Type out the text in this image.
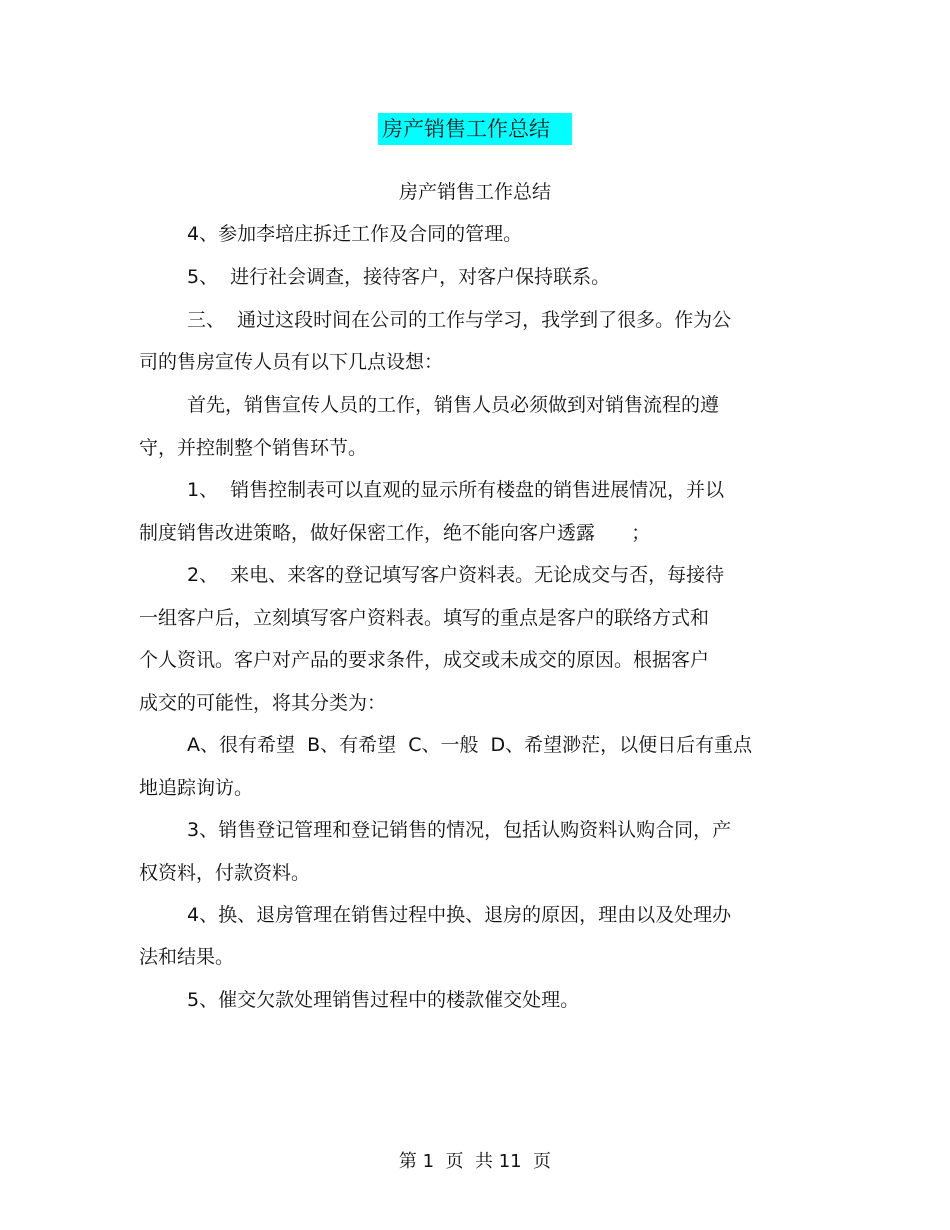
房产销售工作总结
房产销售工作总结
4、参加李培庄拆迁工作及合同的管理。
5、  进行社会调查，接待客户，对客户保持联系。
三、  通过这段时间在公司的工作与学习，我学到了很多。作为公
司的售房宣传人员有以下几点设想：
首先，销售宣传人员的工作，销售人员必须做到对销售流程的遵
守，并控制整个销售环节。
1、  销售控制表可以直观的显示所有楼盘的销售进展情况，并以
制度销售改进策略，做好保密工作，绝不能向客户透露      ；
2、  来电、来客的登记填写客户资料表。无论成交与否，每接待
一组客户后，立刻填写客户资料表。填写的重点是客户的联络方式和
个人资讯。客户对产品的要求条件，成交或未成交的原因。根据客户
成交的可能性，将其分类为：
A、很有希望  B、有希望  C、一般  D、希望渺茫，以便日后有重点
地追踪询访。
3、销售登记管理和登记销售的情况，包括认购资料认购合同，产
权资料，付款资料。
4、换、退房管理在销售过程中换、退房的原因，理由以及处理办
法和结果。
5、催交欠款处理销售过程中的楼款催交处理。
第 1  页  共 11  页
